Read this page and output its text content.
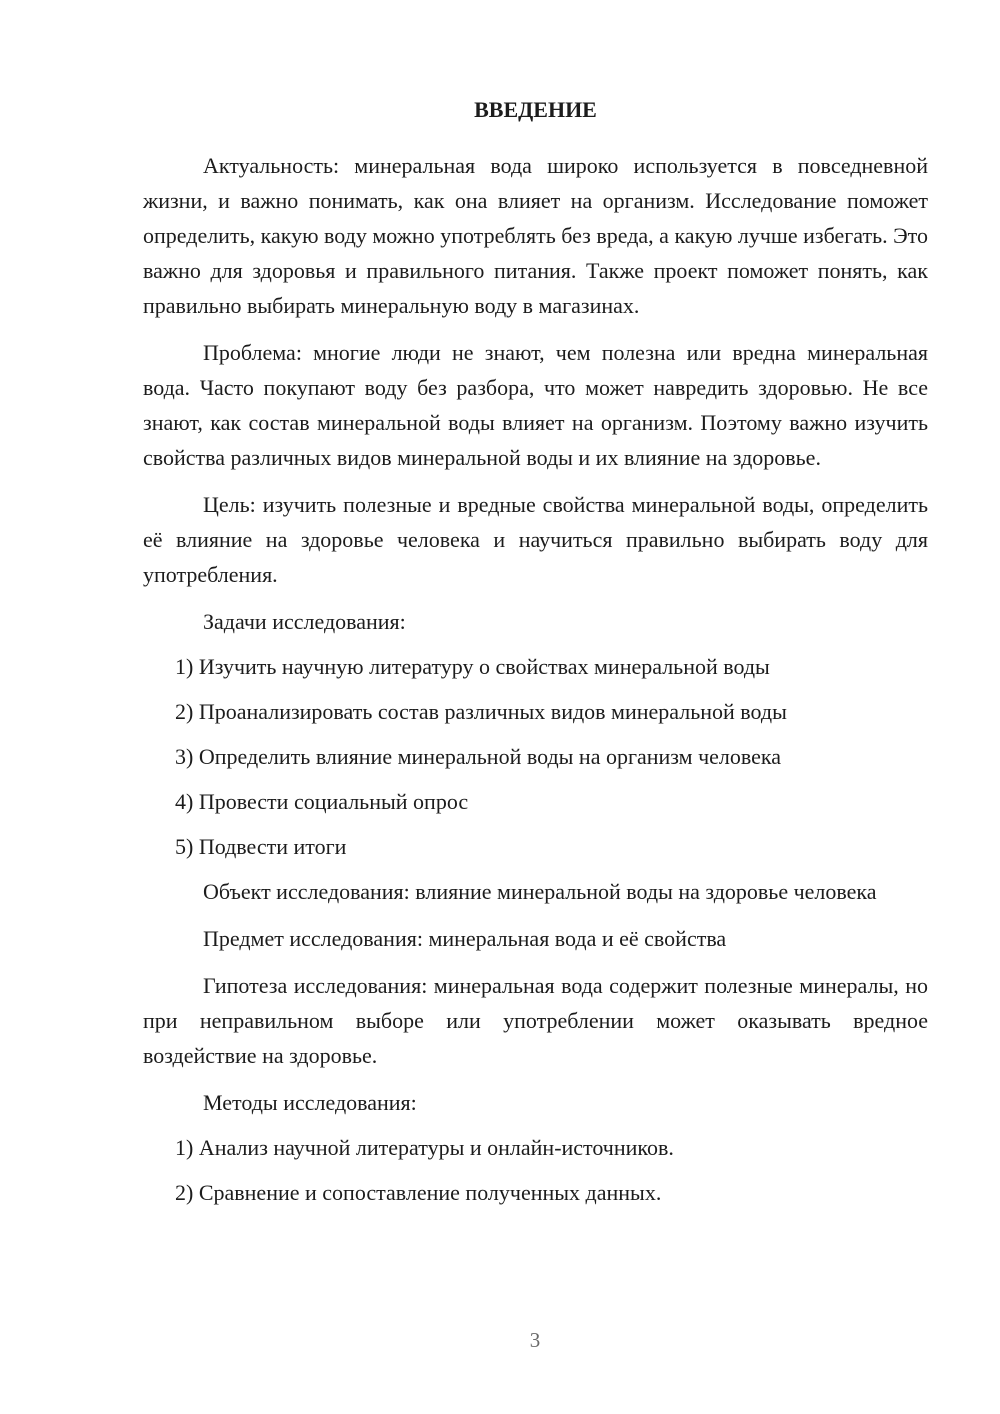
ВВЕДЕНИЕ

Актуальность: минеральная вода широко используется в повседневной жизни, и важно понимать, как она влияет на организм. Исследование поможет определить, какую воду можно употреблять без вреда, а какую лучше избегать. Это важно для здоровья и правильного питания. Также проект поможет понять, как правильно выбирать минеральную воду в магазинах.

Проблема: многие люди не знают, чем полезна или вредна минеральная вода. Часто покупают воду без разбора, что может навредить здоровью. Не все знают, как состав минеральной воды влияет на организм. Поэтому важно изучить свойства различных видов минеральной воды и их влияние на здоровье.

Цель: изучить полезные и вредные свойства минеральной воды, определить её влияние на здоровье человека и научиться правильно выбирать воду для употребления.

Задачи исследования:
1) Изучить научную литературу о свойствах минеральной воды
2) Проанализировать состав различных видов минеральной воды
3) Определить влияние минеральной воды на организм человека
4) Провести социальный опрос
5) Подвести итоги

Объект исследования: влияние минеральной воды на здоровье человека

Предмет исследования: минеральная вода и её свойства

Гипотеза исследования: минеральная вода содержит полезные минералы, но при неправильном выборе или употреблении может оказывать вредное воздействие на здоровье.

Методы исследования:
1) Анализ научной литературы и онлайн-источников.
2) Сравнение и сопоставление полученных данных.
3
